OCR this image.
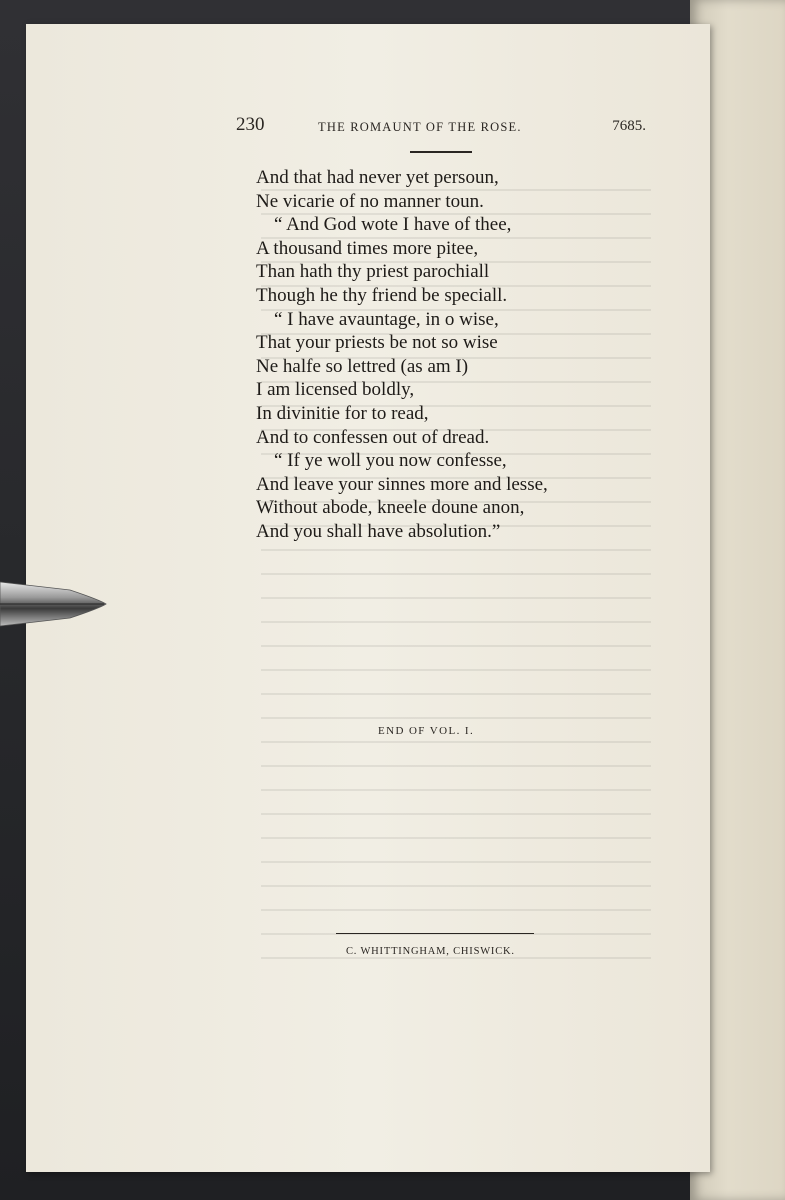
230	THE ROMAUNT OF THE ROSE.	7685.
And that had never yet persoun,
Ne vicarie of no manner toun.
“ And God wote I have of thee,
A thousand times more pitee,
Than hath thy priest parochiall
Though he thy friend be speciall.
“ I have avauntage, in o wise,
That your priests be not so wise
Ne halfe so lettred (as am I)
I am licensed boldly,
In divinitie for to read,
And to confessen out of dread.
“ If ye woll you now confesse,
And leave your sinnes more and lesse,
Without abode, kneele doune anon,
And you shall have absolution.”
END OF VOL. I.
C. WHITTINGHAM, CHISWICK.
